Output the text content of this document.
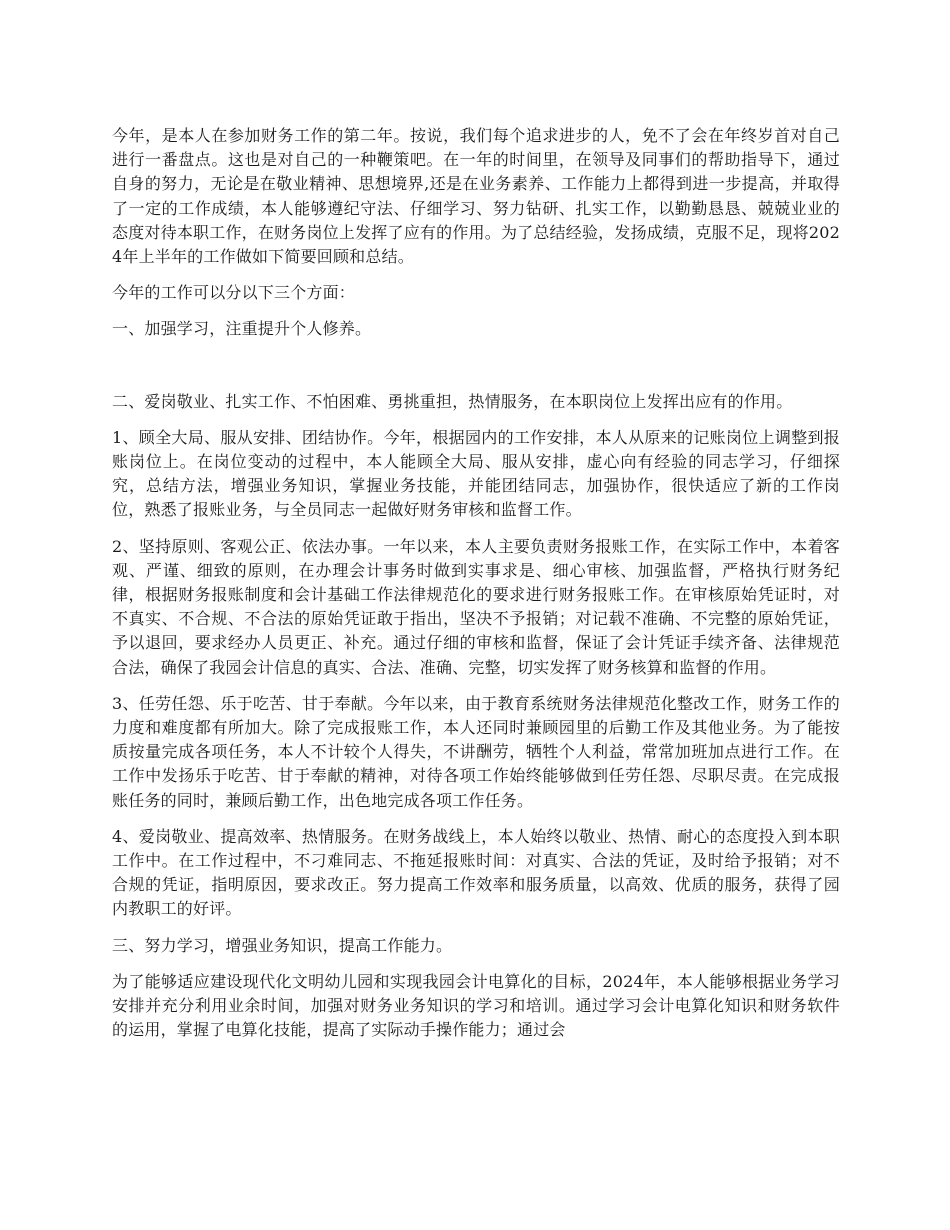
今年，是本人在参加财务工作的第二年。按说，我们每个追求进步的人，免不了会在年终岁首对自己进行一番盘点。这也是对自己的一种鞭策吧。在一年的时间里，在领导及同事们的帮助指导下，通过自身的努力，无论是在敬业精神、思想境界,还是在业务素养、工作能力上都得到进一步提高，并取得了一定的工作成绩，本人能够遵纪守法、仔细学习、努力钻研、扎实工作，以勤勤恳恳、兢兢业业的态度对待本职工作，在财务岗位上发挥了应有的作用。为了总结经验，发扬成绩，克服不足，现将2024年上半年的工作做如下简要回顾和总结。

今年的工作可以分以下三个方面：

一、加强学习，注重提升个人修养。

二、爱岗敬业、扎实工作、不怕困难、勇挑重担，热情服务，在本职岗位上发挥出应有的作用。

1、顾全大局、服从安排、团结协作。今年，根据园内的工作安排，本人从原来的记账岗位上调整到报账岗位上。在岗位变动的过程中，本人能顾全大局、服从安排，虚心向有经验的同志学习，仔细探究，总结方法，增强业务知识，掌握业务技能，并能团结同志，加强协作，很快适应了新的工作岗位，熟悉了报账业务，与全员同志一起做好财务审核和监督工作。

2、坚持原则、客观公正、依法办事。一年以来，本人主要负责财务报账工作，在实际工作中，本着客观、严谨、细致的原则，在办理会计事务时做到实事求是、细心审核、加强监督，严格执行财务纪律，根据财务报账制度和会计基础工作法律规范化的要求进行财务报账工作。在审核原始凭证时，对不真实、不合规、不合法的原始凭证敢于指出，坚决不予报销；对记载不准确、不完整的原始凭证，予以退回，要求经办人员更正、补充。通过仔细的审核和监督，保证了会计凭证手续齐备、法律规范合法，确保了我园会计信息的真实、合法、准确、完整，切实发挥了财务核算和监督的作用。

3、任劳任怨、乐于吃苦、甘于奉献。今年以来，由于教育系统财务法律规范化整改工作，财务工作的力度和难度都有所加大。除了完成报账工作，本人还同时兼顾园里的后勤工作及其他业务。为了能按质按量完成各项任务，本人不计较个人得失，不讲酬劳，牺牲个人利益，常常加班加点进行工作。在工作中发扬乐于吃苦、甘于奉献的精神，对待各项工作始终能够做到任劳任怨、尽职尽责。在完成报账任务的同时，兼顾后勤工作，出色地完成各项工作任务。

4、爱岗敬业、提高效率、热情服务。在财务战线上，本人始终以敬业、热情、耐心的态度投入到本职工作中。在工作过程中，不刁难同志、不拖延报账时间：对真实、合法的凭证，及时给予报销；对不合规的凭证，指明原因，要求改正。努力提高工作效率和服务质量，以高效、优质的服务，获得了园内教职工的好评。

三、努力学习，增强业务知识，提高工作能力。

为了能够适应建设现代化文明幼儿园和实现我园会计电算化的目标，2024年，本人能够根据业务学习安排并充分利用业余时间，加强对财务业务知识的学习和培训。通过学习会计电算化知识和财务软件的运用，掌握了电算化技能，提高了实际动手操作能力；通过会
